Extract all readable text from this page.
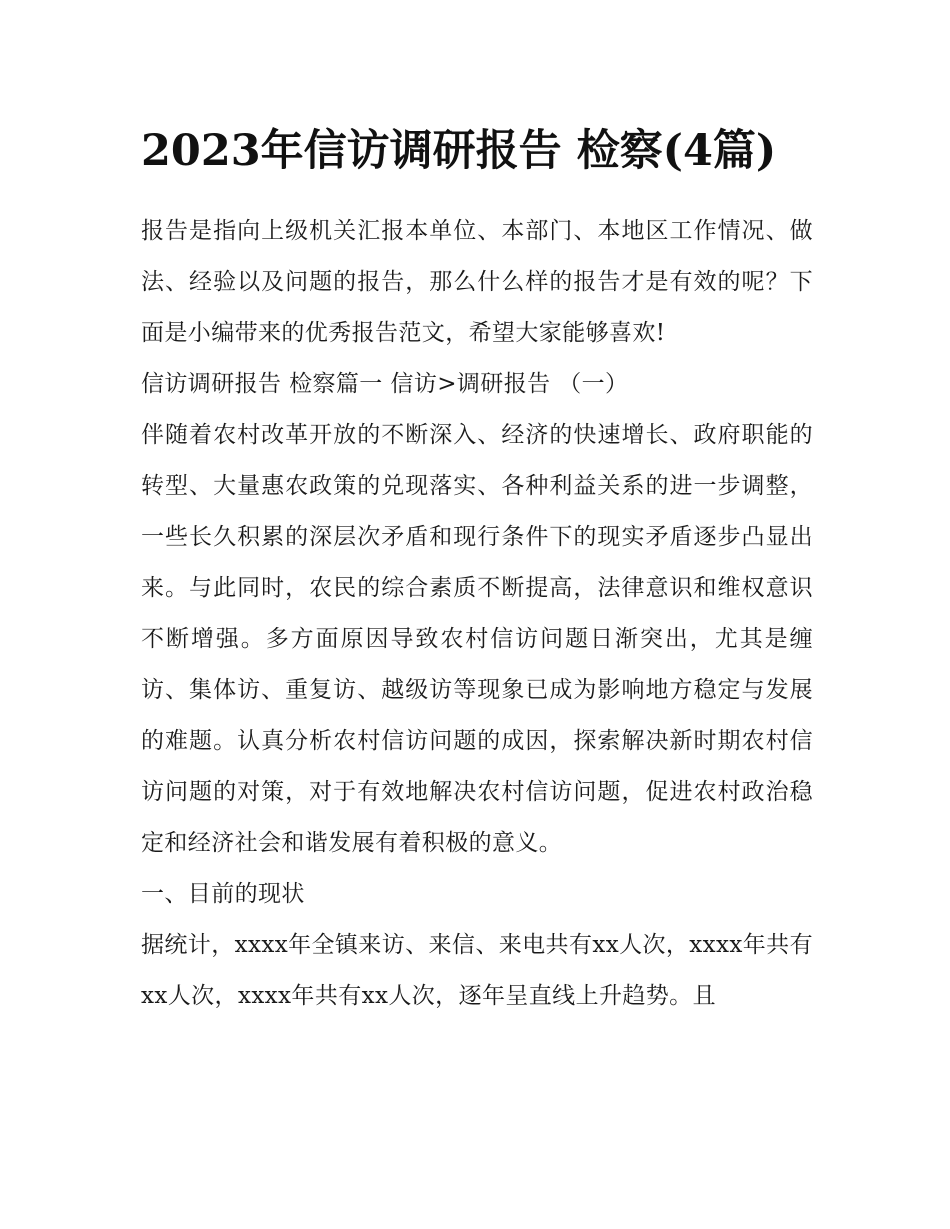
2023年信访调研报告 检察(4篇)

报告是指向上级机关汇报本单位、本部门、本地区工作情况、做法、经验以及问题的报告，那么什么样的报告才是有效的呢？下面是小编带来的优秀报告范文，希望大家能够喜欢!

信访调研报告 检察篇一 信访>调研报告 （一）

伴随着农村改革开放的不断深入、经济的快速增长、政府职能的转型、大量惠农政策的兑现落实、各种利益关系的进一步调整，一些长久积累的深层次矛盾和现行条件下的现实矛盾逐步凸显出来。与此同时，农民的综合素质不断提高，法律意识和维权意识不断增强。多方面原因导致农村信访问题日渐突出，尤其是缠访、集体访、重复访、越级访等现象已成为影响地方稳定与发展的难题。认真分析农村信访问题的成因，探索解决新时期农村信访问题的对策，对于有效地解决农村信访问题，促进农村政治稳定和经济社会和谐发展有着积极的意义。

一、目前的现状

据统计，xxxx年全镇来访、来信、来电共有xx人次，xxxx年共有xx人次，xxxx年共有xx人次，逐年呈直线上升趋势。且
